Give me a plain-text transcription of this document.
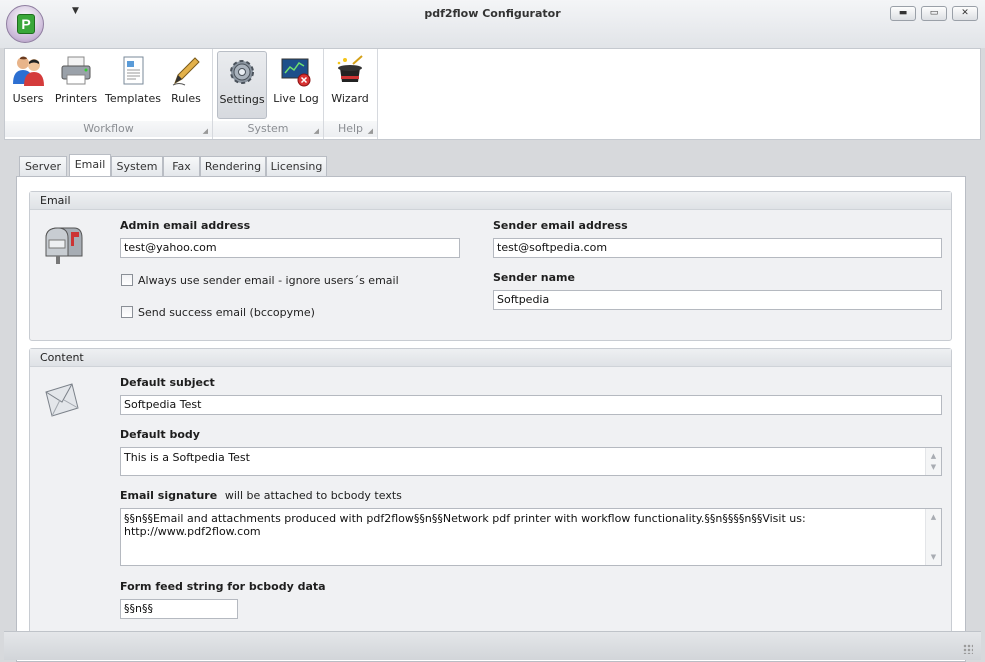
P
▼	pdf2flow Configurator	▬	▭	✕
Users	Printers Templates Rules
Workflow	◢
Settings Live Log
System	◢
Wizard
Help ◢
Server	Email	System	Fax	Rendering Licensing
Email
Admin email address
test@yahoo.com
Always use sender email - ignore users´s email
Send success email (bccopyme)
Sender email address
test@softpedia.com
Sender name
Softpedia
Content
Default subject
Softpedia Test
Default body
This is a Softpedia Test	▲
▼
Email signature will be attached to bcbody texts
§§n§§Email and attachments produced with pdf2flow§§n§§Network pdf printer with workflow functionality.§§n§§§§n§§Visit us: http://www.pdf2flow.com
▲
▼
Form feed string for bcbody data
§§n§§
